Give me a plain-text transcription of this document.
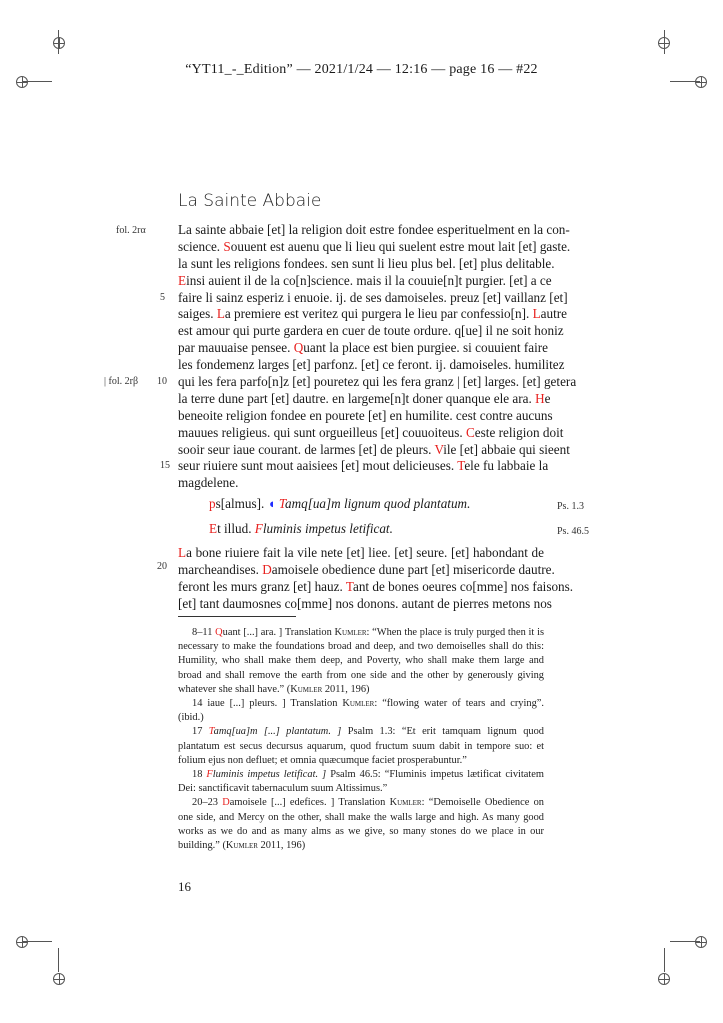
“YT11_-_Edition” — 2021/1/24 — 12:16 — page 16 — #22
La Sainte Abbaie
fol. 2rα
5
| fol. 2rβ 10
15
20
La sainte abbaie [et] la religion doit estre fondee esperituelment en la con-
science. Souuent est auenu que li lieu qui suelent estre mout lait [et] gaste.
la sunt les religions fondees. sen sunt li lieu plus bel. [et] plus delitable.
Einsi auient il de la co[n]science. mais il la couuie[n]t purgier. [et] a ce
faire li sainz esperiz i enuoie. ij. de ses damoiseles. preuz [et] vaillanz [et]
saiges. La premiere est veritez qui purgera le lieu par confessio[n]. Lautre
est amour qui purte gardera en cuer de toute ordure. q[ue] il ne soit honiz
par mauuaise pensee. Quant la place est bien purgiee. si couuient faire
les fondemenz larges [et] parfonz. [et] ce feront. ij. damoiseles. humilitez
qui les fera parfo[n]z [et] pouretez qui les fera granz | [et] larges. [et] getera
la terre dune part [et] dautre. en largeme[n]t doner quanque ele ara. He
beneoite religion fondee en pourete [et] en humilite. cest contre aucuns
mauues religieus. qui sunt orgueilleus [et] couuoiteus. Ceste religion doit
sooir seur iaue courant. de larmes [et] de pleurs. Vile [et] abbaie qui sieent
seur riuiere sunt mout aaisiees [et] mout delicieuses. Tele fu labbaie la
magdelene.
ps[almus]. ◖ Tamq[ua]m lignum quod plantatum.	Ps. 1.3
Et illud. Fluminis impetus letificat.	Ps. 46.5
La bone riuiere fait la vile nete [et] liee. [et] seure. [et] habondant de
marcheandises. Damoisele obedience dune part [et] misericorde dautre.
feront les murs granz [et] hauz. Tant de bones oeures co[mme] nos faisons.
[et] tant daumosnes co[mme] nos donons. autant de pierres metons nos

8–11 Quant [...] ara. ] Translation Kumler: “When the place is truly purged then it is necessary to make the foundations broad and deep, and two demoiselles shall do this: Humility, who shall make them deep, and Poverty, who shall make them large and broad and shall remove the earth from one side and the other by generously giving whatever she shall have.” (Kumler 2011, 196)

14 iaue [...] pleurs. ] Translation Kumler: “flowing water of tears and crying”. (ibid.)

17 Tamq[ua]m [...] plantatum. ] Psalm 1.3: “Et erit tamquam lignum quod plantatum est secus decursus aquarum, quod fructum suum dabit in tempore suo: et folium ejus non defluet; et omnia quæcumque faciet prosperabuntur.”

18 Fluminis impetus letificat. ] Psalm 46.5: “Fluminis impetus lætificat civitatem Dei: sanctificavit tabernaculum suum Altissimus.”

20–23 Damoisele [...] edefices. ] Translation Kumler: “Demoiselle Obedience on one side, and Mercy on the other, shall make the walls large and high. As many good works as we do and as many alms as we give, so many stones do we place in our building.” (Kumler 2011, 196)

16
